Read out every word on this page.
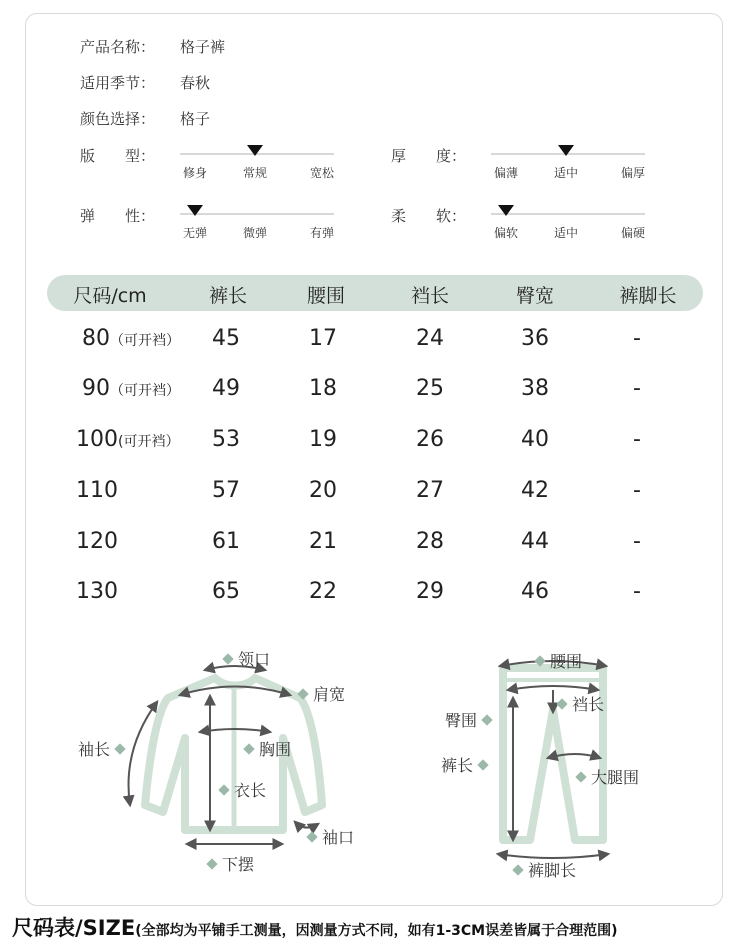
产品名称： 格子裤
适用季节： 春秋
颜色选择： 格子
版　　型：
修身	常规	宽松
厚　　度：
偏薄	适中	偏厚
弹　　性：
无弹	微弹	有弹
柔　　软：
偏软	适中	偏硬
尺码/cm	裤长	腰围	裆长	臀宽	裤脚长
80（可开裆） 45	17	24	36	-
90（可开裆） 49	18	25	38	-
100(可开裆） 53	19	26	40	-
110	57	20	27	42	-
120	61	21	28	44	-
130	65	22	29	46	-
领口
肩宽
袖长	胸围
衣长
袖口
下摆
腰围
裆长
臀围
裤长
大腿围
裤脚长
尺码表/SIZE(全部均为平铺手工测量，因测量方式不同，如有1-3CM误差皆属于合理范围)
